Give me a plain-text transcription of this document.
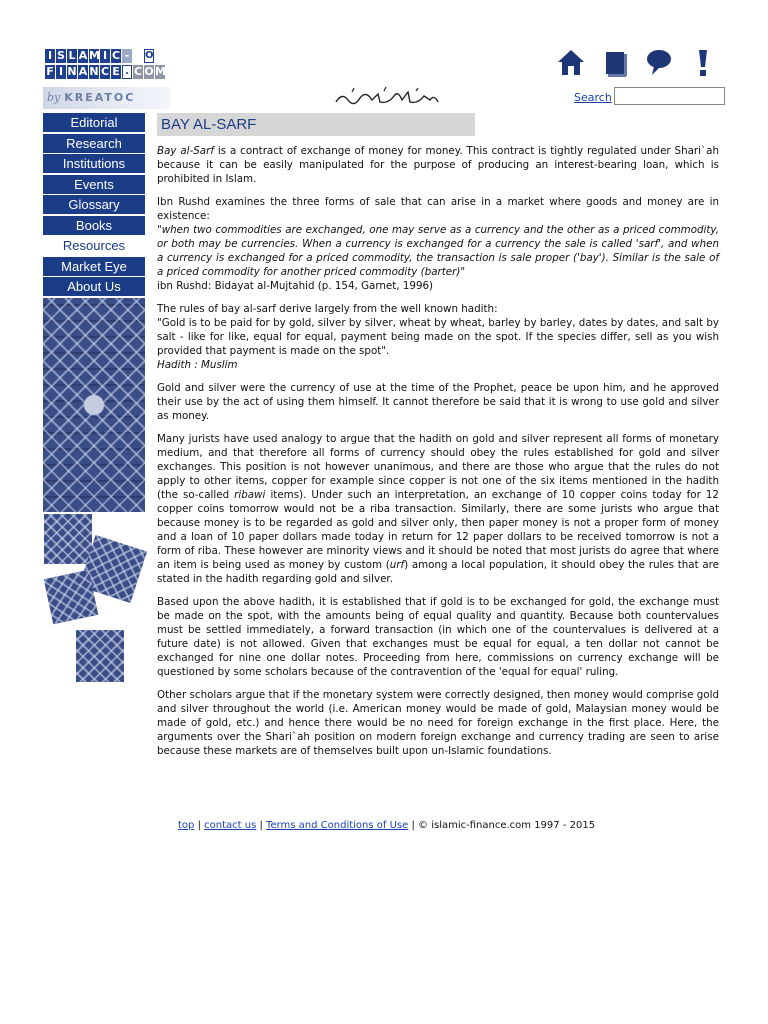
I S L A M I C - O
F I N A N C E . C O M
by KREATOC	Search
Editorial
Research
Institutions
Events
Glossary
Books
Resources
Market Eye
About Us
BAY AL-SARF

Bay al-Sarf is a contract of exchange of money for money. This contract is tightly regulated under Shari`ah because it can be easily manipulated for the purpose of producing an interest-bearing loan, which is prohibited in Islam.

Ibn Rushd examines the three forms of sale that can arise in a market where goods and money are in existence:
"when two commodities are exchanged, one may serve as a currency and the other as a priced commodity, or both may be currencies. When a currency is exchanged for a currency the sale is called 'sarf', and when a currency is exchanged for a priced commodity, the transaction is sale proper ('bay'). Similar is the sale of a priced commodity for another priced commodity (barter)"
ibn Rushd: Bidayat al-Mujtahid (p. 154, Garnet, 1996)

The rules of bay al-sarf derive largely from the well known hadith:
"Gold is to be paid for by gold, silver by silver, wheat by wheat, barley by barley, dates by dates, and salt by salt - like for like, equal for equal, payment being made on the spot. If the species differ, sell as you wish provided that payment is made on the spot".
Hadith : Muslim

Gold and silver were the currency of use at the time of the Prophet, peace be upon him, and he approved their use by the act of using them himself. It cannot therefore be said that it is wrong to use gold and silver as money.

Many jurists have used analogy to argue that the hadith on gold and silver represent all forms of monetary medium, and that therefore all forms of currency should obey the rules established for gold and silver exchanges. This position is not however unanimous, and there are those who argue that the rules do not apply to other items, copper for example since copper is not one of the six items mentioned in the hadith (the so-called ribawi items). Under such an interpretation, an exchange of 10 copper coins today for 12 copper coins tomorrow would not be a riba transaction. Similarly, there are some jurists who argue that because money is to be regarded as gold and silver only, then paper money is not a proper form of money and a loan of 10 paper dollars made today in return for 12 paper dollars to be received tomorrow is not a form of riba. These however are minority views and it should be noted that most jurists do agree that where an item is being used as money by custom (urf) among a local population, it should obey the rules that are stated in the hadith regarding gold and silver.

Based upon the above hadith, it is established that if gold is to be exchanged for gold, the exchange must be made on the spot, with the amounts being of equal quality and quantity. Because both countervalues must be settled immediately, a forward transaction (in which one of the countervalues is delivered at a future date) is not allowed. Given that exchanges must be equal for equal, a ten dollar not cannot be exchanged for nine one dollar notes. Proceeding from here, commissions on currency exchange will be questioned by some scholars because of the contravention of the 'equal for equal' ruling.

Other scholars argue that if the monetary system were correctly designed, then money would comprise gold and silver throughout the world (i.e. American money would be made of gold, Malaysian money would be made of gold, etc.) and hence there would be no need for foreign exchange in the first place. Here, the arguments over the Shari`ah position on modern foreign exchange and currency trading are seen to arise because these markets are of themselves built upon un-Islamic foundations.

top | contact us | Terms and Conditions of Use | © islamic-finance.com 1997 - 2015
